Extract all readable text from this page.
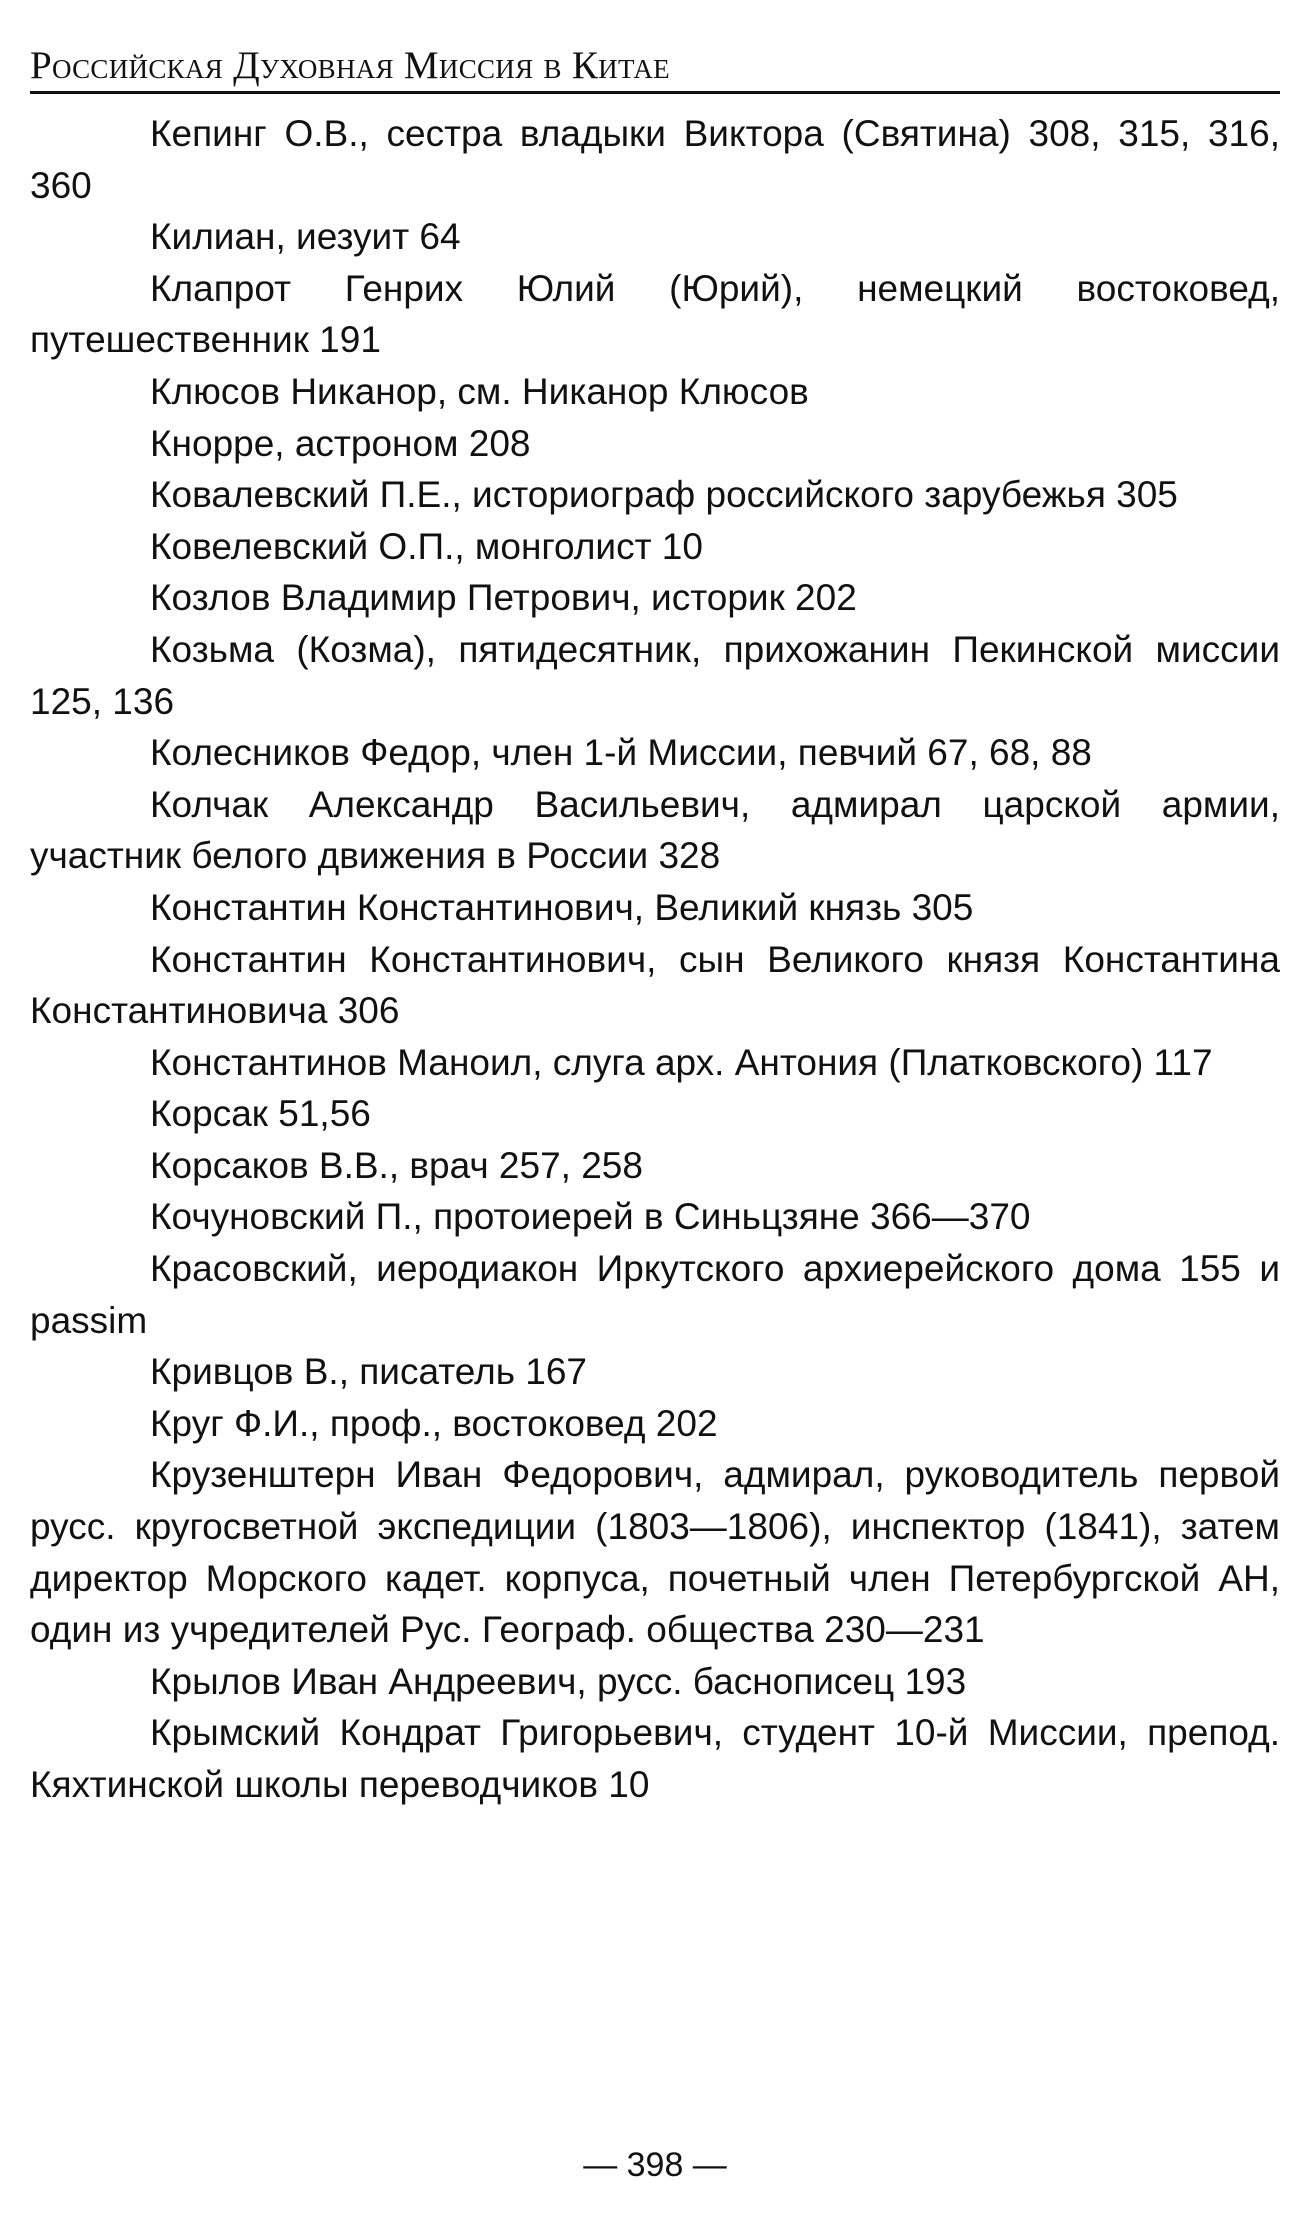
Российская Духовная Миссия в Китае

Кепинг О.В., сестра владыки Виктора (Святина) 308, 315, 316, 360

Килиан, иезуит 64

Клапрот Генрих Юлий (Юрий), немецкий востоковед, путешественник 191

Клюсов Никанор, см. Никанор Клюсов

Кнорре, астроном 208

Ковалевский П.Е., историограф российского зарубежья 305

Ковелевский О.П., монголист 10

Козлов Владимир Петрович, историк 202

Козьма (Козма), пятидесятник, прихожанин Пекинской миссии 125, 136

Колесников Федор, член 1-й Миссии, певчий 67, 68, 88

Колчак Александр Васильевич, адмирал царской армии, участник белого движения в России 328

Константин Константинович, Великий князь 305

Константин Константинович, сын Великого князя Константина Константиновича 306

Константинов Маноил, слуга арх. Антония (Платковского) 117

Корсак 51,56

Корсаков В.В., врач 257, 258

Кочуновский П., протоиерей в Синьцзяне 366—370

Красовский, иеродиакон Иркутского архиерейского дома 155 и passim

Кривцов В., писатель 167

Круг Ф.И., проф., востоковед 202

Крузенштерн Иван Федорович, адмирал, руководитель первой русс. кругосветной экспедиции (1803—1806), инспектор (1841), затем директор Морского кадет. корпуса, почетный член Петербургской АН, один из учредителей Рус. Географ. общества 230—231

Крылов Иван Андреевич, русс. баснописец 193

Крымский Кондрат Григорьевич, студент 10-й Миссии, препод. Кяхтинской школы переводчиков 10

— 398 —
